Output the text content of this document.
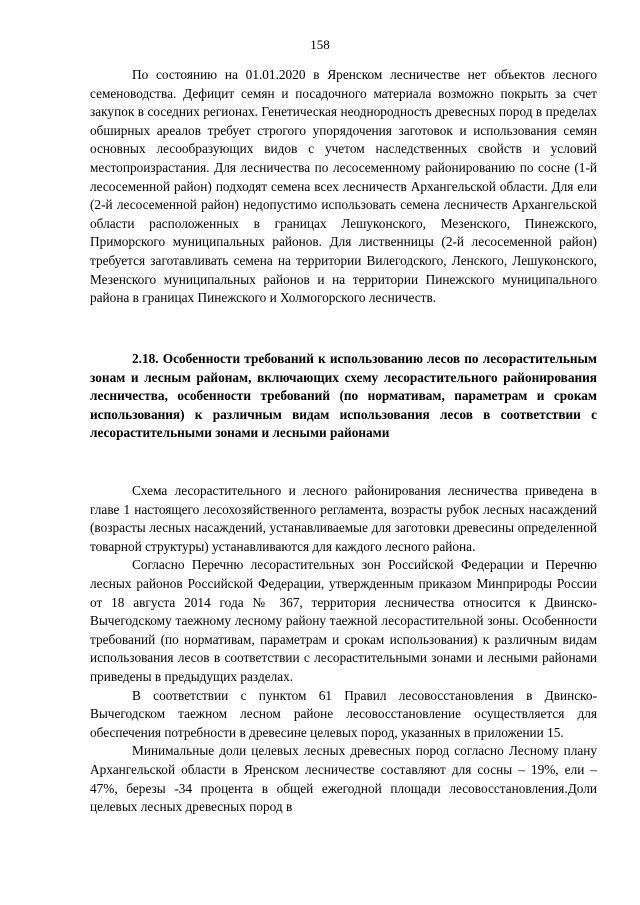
158

По состоянию на 01.01.2020 в Яренском лесничестве нет объектов лесного семеноводства. Дефицит семян и посадочного материала возможно покрыть за счет закупок в соседних регионах. Генетическая неоднородность древесных пород в пределах обширных ареалов требует строгого упорядочения заготовок и использования семян основных лесообразующих видов с учетом наследственных свойств и условий местопроизрастания. Для лесничества по лесосеменному районированию по сосне (1-й лесосеменной район) подходят семена всех лесничеств Архангельской области. Для ели (2-й лесосеменной район) недопустимо использовать семена лесничеств Архангельской области расположенных в границах Лешуконского, Мезенского, Пинежского, Приморского муниципальных районов. Для лиственницы (2-й лесосеменной район) требуется заготавливать семена на территории Вилегодского, Ленского, Лешуконского, Мезенского муниципальных районов и на территории Пинежского муниципального района в границах Пинежского и Холмогорского лесничеств.

2.18. Особенности требований к использованию лесов по лесорастительным зонам и лесным районам, включающих схему лесорастительного районирования лесничества, особенности требований (по нормативам, параметрам и срокам использования) к различным видам использования лесов в соответствии с лесорастительными зонами и лесными районами

Схема лесорастительного и лесного районирования лесничества приведена в главе 1 настоящего лесохозяйственного регламента, возрасты рубок лесных насаждений (возрасты лесных насаждений, устанавливаемые для заготовки древесины определенной товарной структуры) устанавливаются для каждого лесного района.

Согласно Перечню лесорастительных зон Российской Федерации и Перечню лесных районов Российской Федерации, утвержденным приказом Минприроды России от 18 августа 2014 года № 367, территория лесничества относится к Двинско-Вычегодскому таежному лесному району таежной лесорастительной зоны. Особенности требований (по нормативам, параметрам и срокам использования) к различным видам использования лесов в соответствии с лесорастительными зонами и лесными районами приведены в предыдущих разделах.

В соответствии с пунктом 61 Правил лесовосстановления в Двинско-Вычегодском таежном лесном районе лесовосстановление осуществляется для обеспечения потребности в древесине целевых пород, указанных в приложении 15.

Минимальные доли целевых лесных древесных пород согласно Лесному плану Архангельской области в Яренском лесничестве составляют для сосны – 19%, ели – 47%, березы -34 процента в общей ежегодной площади лесовосстановления.Доли целевых лесных древесных пород в
